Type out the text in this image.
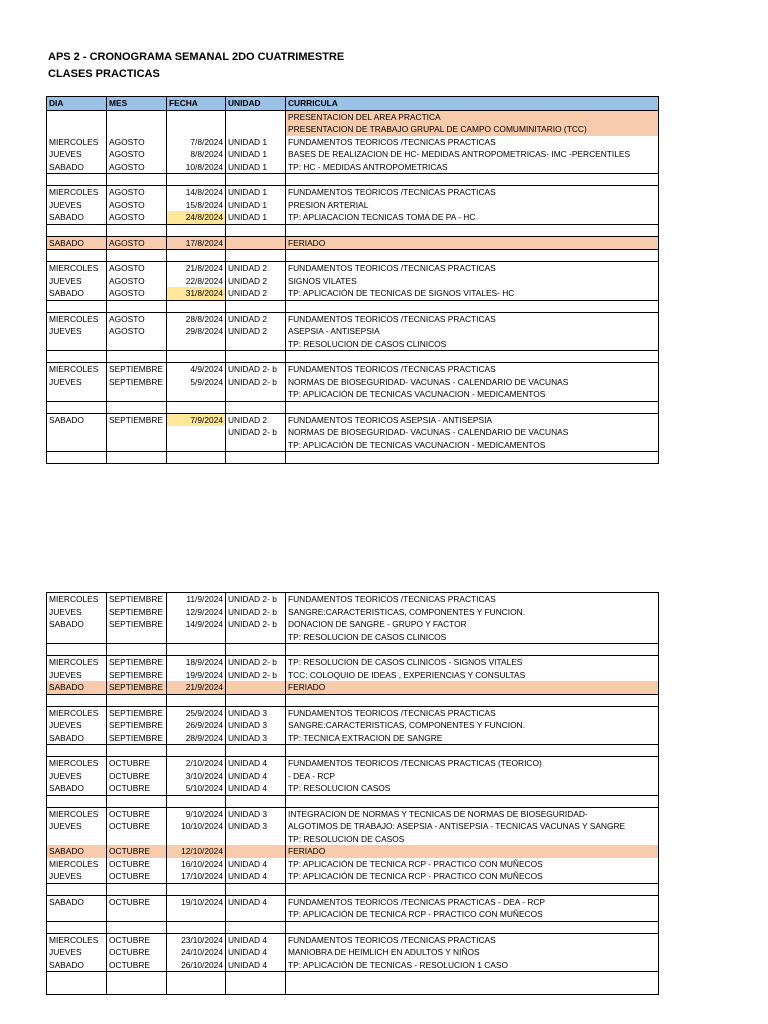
APS 2 - CRONOGRAMA SEMANAL 2DO CUATRIMESTRE
CLASES PRACTICAS
DIA	MES	FECHA	UNIDAD	CURRICULA
				PRESENTACION DEL AREA PRACTICA
				PRESENTACION DE TRABAJO GRUPAL DE CAMPO COMUMINITARIO (TCC)
MIERCOLES	AGOSTO	7/8/2024	UNIDAD 1	FUNDAMENTOS TEORICOS /TECNICAS PRACTICAS
JUEVES	AGOSTO	8/8/2024	UNIDAD 1	BASES DE REALIZACION DE HC- MEDIDAS ANTROPOMETRICAS- IMC -PERCENTILES
SABADO	AGOSTO	10/8/2024	UNIDAD 1	TP: HC - MEDIDAS ANTROPOMETRICAS

MIERCOLES	AGOSTO	14/8/2024	UNIDAD 1	FUNDAMENTOS TEORICOS /TECNICAS PRACTICAS
JUEVES	AGOSTO	15/8/2024	UNIDAD 1	PRESION ARTERIAL
SABADO	AGOSTO	24/8/2024	UNIDAD 1	TP: APLIACACION TECNICAS TOMA DE PA - HC

SABADO	AGOSTO	17/8/2024		FERIADO

MIERCOLES	AGOSTO	21/8/2024	UNIDAD 2	FUNDAMENTOS TEORICOS /TECNICAS PRACTICAS
JUEVES	AGOSTO	22/8/2024	UNIDAD 2	SIGNOS VILATES
SABADO	AGOSTO	31/8/2024	UNIDAD 2	TP: APLICACIÓN DE TECNICAS DE SIGNOS VITALES- HC

MIERCOLES	AGOSTO	28/8/2024	UNIDAD 2	FUNDAMENTOS TEORICOS /TECNICAS PRACTICAS
JUEVES	AGOSTO	29/8/2024	UNIDAD 2	ASEPSIA - ANTISEPSIA
				TP: RESOLUCION DE CASOS CLINICOS

MIERCOLES	SEPTIEMBRE	4/9/2024	UNIDAD 2- b	FUNDAMENTOS TEORICOS /TECNICAS PRACTICAS
JUEVES	SEPTIEMBRE	5/9/2024	UNIDAD 2- b	NORMAS DE BIOSEGURIDAD- VACUNAS - CALENDARIO DE VACUNAS
				TP: APLICACIÓN DE TECNICAS VACUNACION - MEDICAMENTOS

SABADO	SEPTIEMBRE	7/9/2024	UNIDAD 2	FUNDAMENTOS TEORICOS ASEPSIA - ANTISEPSIA
			UNIDAD 2- b	NORMAS DE BIOSEGURIDAD- VACUNAS - CALENDARIO DE VACUNAS
				TP: APLICACIÓN DE TECNICAS VACUNACION - MEDICAMENTOS

MIERCOLES	SEPTIEMBRE	11/9/2024	UNIDAD 2- b	FUNDAMENTOS TEORICOS /TECNICAS PRACTICAS
JUEVES	SEPTIEMBRE	12/9/2024	UNIDAD 2- b	SANGRE:CARACTERISTICAS, COMPONENTES Y FUNCION.
SABADO	SEPTIEMBRE	14/9/2024	UNIDAD 2- b	DONACION DE SANGRE - GRUPO Y FACTOR
				TP: RESOLUCION DE CASOS CLINICOS

MIERCOLES	SEPTIEMBRE	18/9/2024	UNIDAD 2- b	TP: RESOLUCION DE CASOS CLINICOS - SIGNOS VITALES
JUEVES	SEPTIEMBRE	19/9/2024	UNIDAD 2- b	TCC: COLOQUIO DE IDEAS , EXPERIENCIAS Y CONSULTAS
SABADO	SEPTIEMBRE	21/9/2024		FERIADO

MIERCOLES	SEPTIEMBRE	25/9/2024	UNIDAD 3	FUNDAMENTOS TEORICOS /TECNICAS PRACTICAS
JUEVES	SEPTIEMBRE	26/9/2024	UNIDAD 3	SANGRE:CARACTERISTICAS, COMPONENTES Y FUNCION.
SABADO	SEPTIEMBRE	28/9/2024	UNIDAD 3	TP: TECNICA EXTRACION DE SANGRE

MIERCOLES	OCTUBRE	2/10/2024	UNIDAD 4	FUNDAMENTOS TEORICOS /TECNICAS PRACTICAS (TEORICO)
JUEVES	OCTUBRE	3/10/2024	UNIDAD 4	- DEA - RCP
SABADO	OCTUBRE	5/10/2024	UNIDAD 4	TP: RESOLUCION CASOS

MIERCOLES	OCTUBRE	9/10/2024	UNIDAD 3	INTEGRACION DE NORMAS Y TECNICAS DE NORMAS DE BIOSEGURIDAD-
JUEVES	OCTUBRE	10/10/2024	UNIDAD 3	ALGOTIMOS DE TRABAJO: ASEPSIA - ANTISEPSIA - TECNICAS VACUNAS Y SANGRE
				TP: RESOLUCION DE CASOS
SABADO	OCTUBRE	12/10/2024		FERIADO
MIERCOLES	OCTUBRE	16/10/2024	UNIDAD 4	TP: APLICACIÓN DE TECNICA RCP - PRACTICO CON MUÑECOS
JUEVES	OCTUBRE	17/10/2024	UNIDAD 4	TP: APLICACIÓN DE TECNICA RCP - PRACTICO CON MUÑECOS

SABADO	OCTUBRE	19/10/2024	UNIDAD 4	FUNDAMENTOS TEORICOS /TECNICAS PRACTICAS - DEA - RCP
				TP: APLICACIÓN DE TECNICA RCP - PRACTICO CON MUÑECOS

MIERCOLES	OCTUBRE	23/10/2024	UNIDAD 4	FUNDAMENTOS TEORICOS /TECNICAS PRACTICAS
JUEVES	OCTUBRE	24/10/2024	UNIDAD 4	MANIOBRA DE HEIMLICH EN ADULTOS Y NIÑOS
SABADO	OCTUBRE	26/10/2024	UNIDAD 4	TP: APLICACIÓN DE TECNICAS - RESOLUCION 1 CASO
